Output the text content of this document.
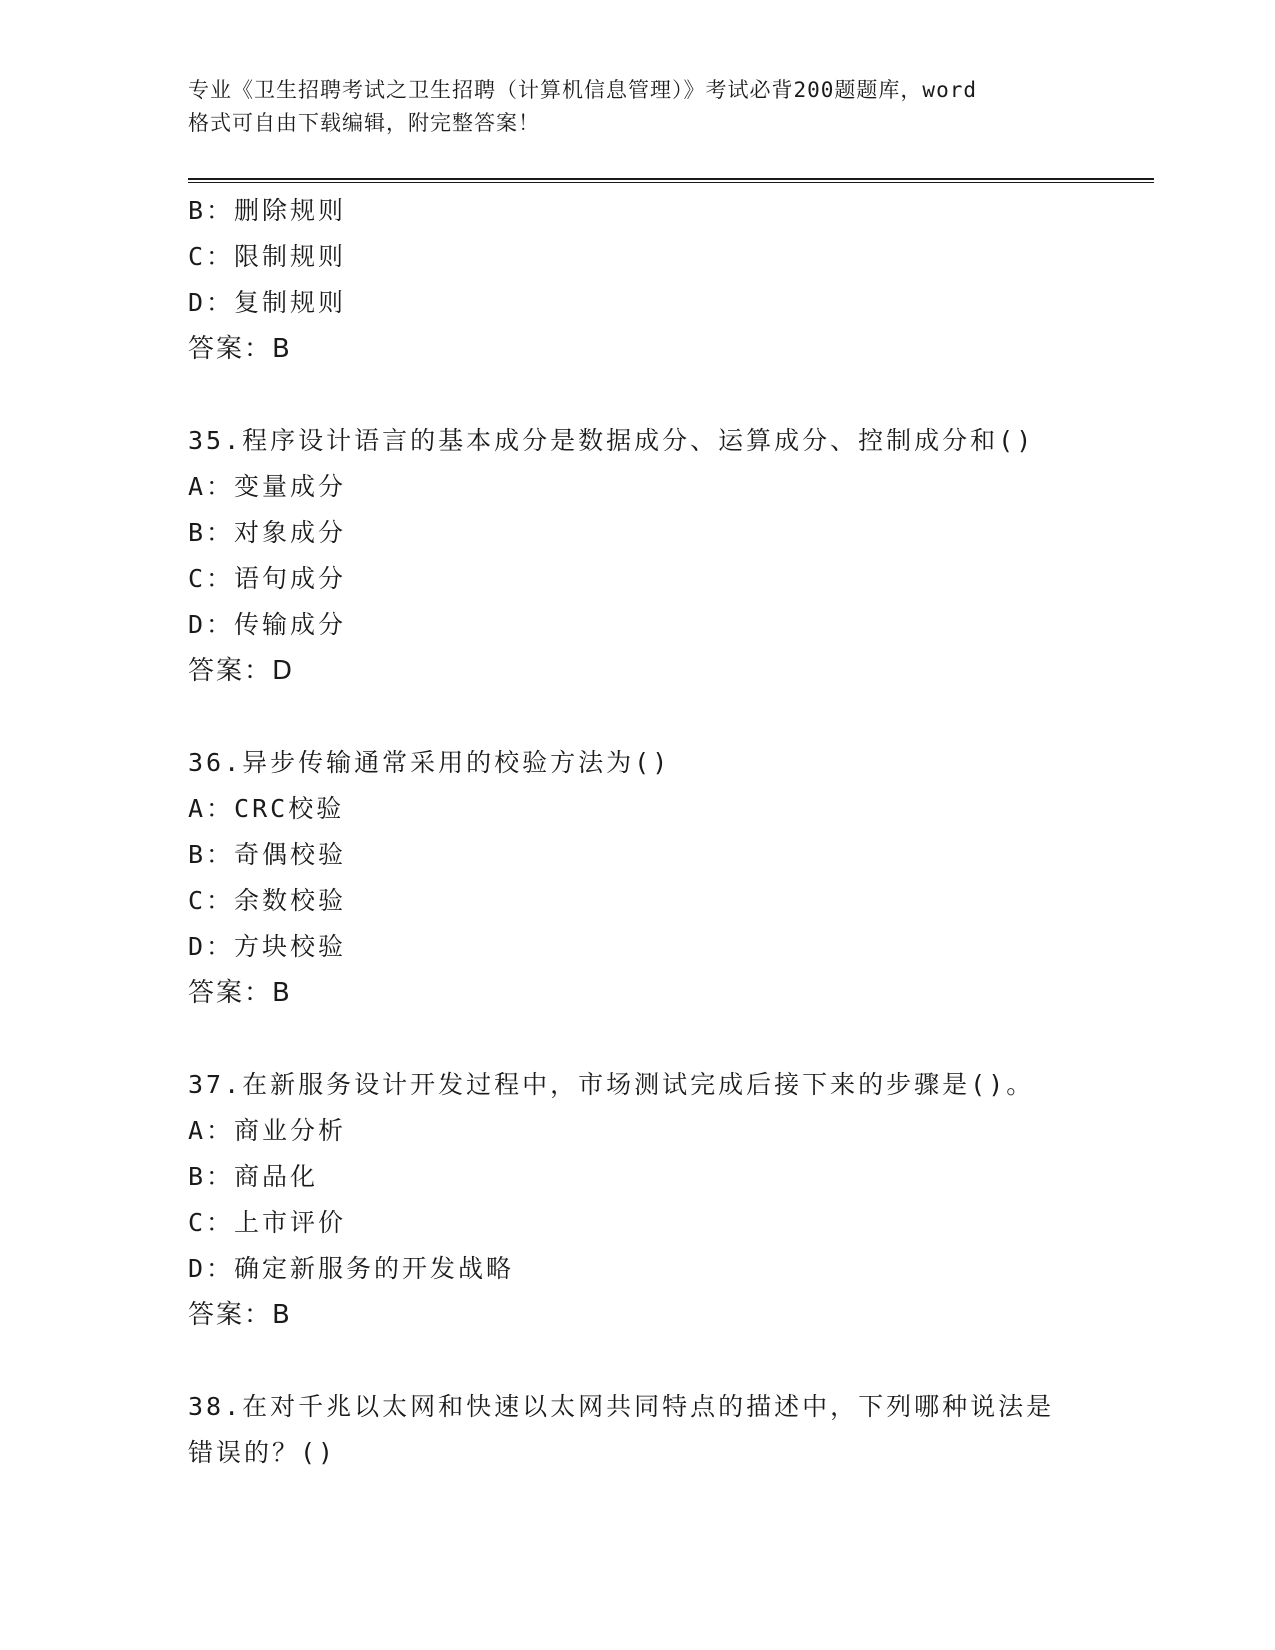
专业《卫生招聘考试之卫生招聘（计算机信息管理）》考试必背200题题库，word
格式可自由下载编辑，附完整答案！
B：删除规则
C：限制规则
D：复制规则
答案：B
35.程序设计语言的基本成分是数据成分、运算成分、控制成分和()
A：变量成分
B：对象成分
C：语句成分
D：传输成分
答案：D
36.异步传输通常采用的校验方法为()
A：CRC校验
B：奇偶校验
C：余数校验
D：方块校验
答案：B
37.在新服务设计开发过程中，市场测试完成后接下来的步骤是()。
A：商业分析
B：商品化
C：上市评价
D：确定新服务的开发战略
答案：B
38.在对千兆以太网和快速以太网共同特点的描述中，下列哪种说法是
错误的？()
